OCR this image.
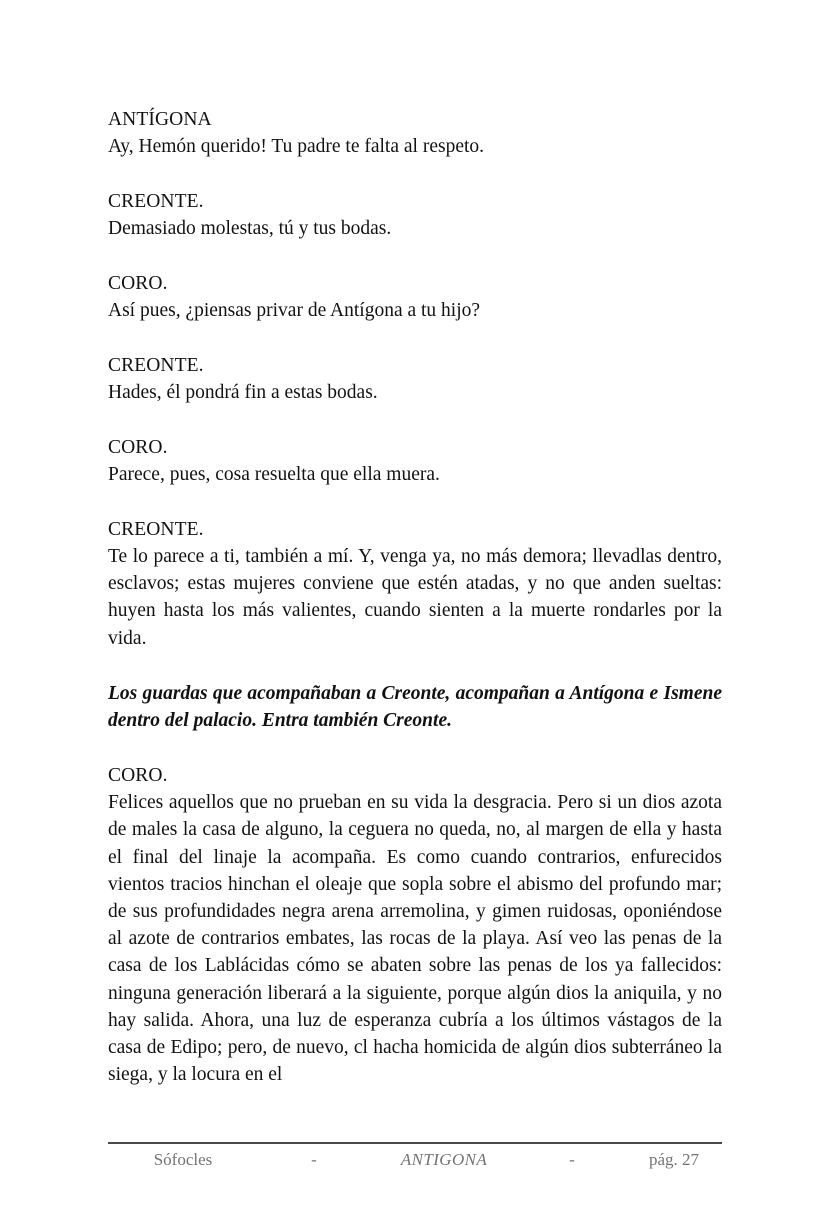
ANTÍGONA

Ay, Hemón querido! Tu padre te falta al respeto.

CREONTE.

Demasiado molestas, tú y tus bodas.

CORO.

Así pues, ¿piensas privar de Antígona a tu hijo?

CREONTE.

Hades, él pondrá fin a estas bodas.

CORO.

Parece, pues, cosa resuelta que ella muera.

CREONTE.

Te lo parece a ti, también a mí. Y, venga ya, no más demora; llevadlas dentro, esclavos; estas mujeres conviene que estén atadas, y no que anden sueltas: huyen hasta los más valientes, cuando sienten a la muerte rondarles por la vida.

Los guardas que acompañaban a Creonte, acompañan a Antígona e Ismene dentro del palacio. Entra también Creonte.

CORO.

Felices aquellos que no prueban en su vida la desgracia. Pero si un dios azota de males la casa de alguno, la ceguera no queda, no, al margen de ella y hasta el final del linaje la acompaña. Es como cuando contrarios, enfurecidos vientos tracios hinchan el oleaje que sopla sobre el abismo del profundo mar; de sus profundidades negra arena arremolina, y gimen ruidosas, oponiéndose al azote de contrarios embates, las rocas de la playa. Así veo las penas de la casa de los Lablácidas cómo se abaten sobre las penas de los ya fallecidos: ninguna generación liberará a la siguiente, porque algún dios la aniquila, y no hay salida. Ahora, una luz de esperanza cubría a los últimos vástagos de la casa de Edipo; pero, de nuevo, cl hacha homicida de algún dios subterráneo la siega, y la locura en el

Sófocles	-	ANTIGONA	-	pág. 27
